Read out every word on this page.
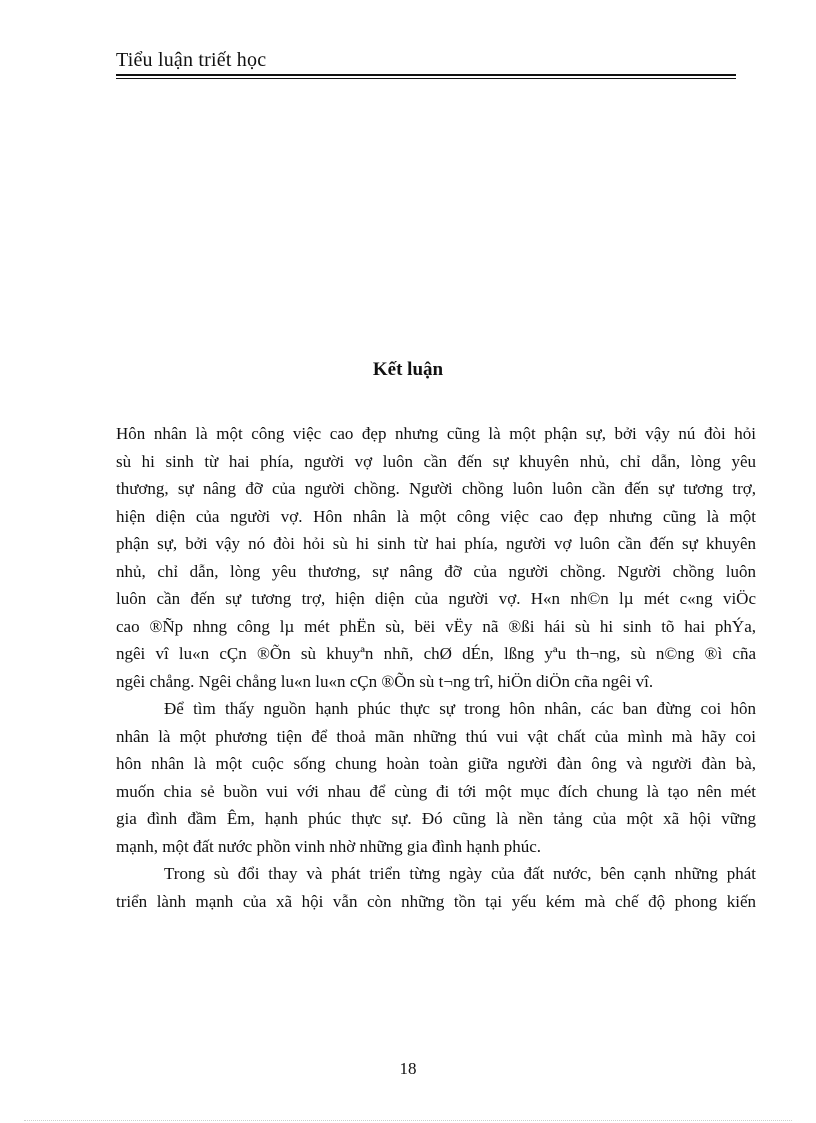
Tiểu luận triết học
Kết luận
Hôn nhân là một công việc cao đẹp nhưng cũng là một phận sự, bởi vậy nú đòi hỏi
sù hi sinh từ hai phía, người vợ luôn cần đến sự khuyên nhủ, chỉ dẫn, lòng yêu
thương, sự nâng đỡ của người chồng. Người chồng luôn luôn cần đến sự tương trợ,
hiện diện của người vợ. Hôn nhân là một công việc cao đẹp nhưng cũng là một
phận sự, bởi vậy nó đòi hỏi sù hi sinh từ hai phía, người vợ luôn cần đến sự khuyên
nhủ, chỉ dẫn, lòng yêu thương, sự nâng đỡ của người chồng. Người chồng luôn
luôn cần đến sự tương trợ, hiện diện của người vợ. H«n nh©n lµ mét c«ng viÖc
cao ®Ñp nhng công lµ mét phËn sù, bëi vËy nã ®ßi hái sù hi sinh tõ hai phÝa,
ngêi vî lu«n cÇn ®Õn sù khuyªn nhñ, chØ dÉn, lßng yªu th¬ng, sù n©ng ®ì cña
ngêi chång. Ngêi chång lu«n lu«n cÇn ®Õn sù t¬ng trî, hiÖn diÖn cña ngêi vî.
Để tìm thấy nguồn hạnh phúc thực sự trong hôn nhân, các ban đừng coi hôn
nhân là một phương tiện để thoả mãn những thú vui vật chất của mình mà hãy coi
hôn nhân là một cuộc sống chung hoàn toàn giữa người đàn ông và người đàn bà,
muốn chia sẻ buồn vui với nhau để cùng đi tới một mục đích chung là tạo nên mét
gia đình đầm Êm, hạnh phúc thực sự. Đó cũng là nền tảng của một xã hội vững
mạnh, một đất nước phồn vinh nhờ những gia đình hạnh phúc.
Trong sù đổi thay và phát triển từng ngày của đất nước, bên cạnh những phát
triển lành mạnh của xã hội vẫn còn những tồn tại yếu kém mà chế độ phong kiến
18
